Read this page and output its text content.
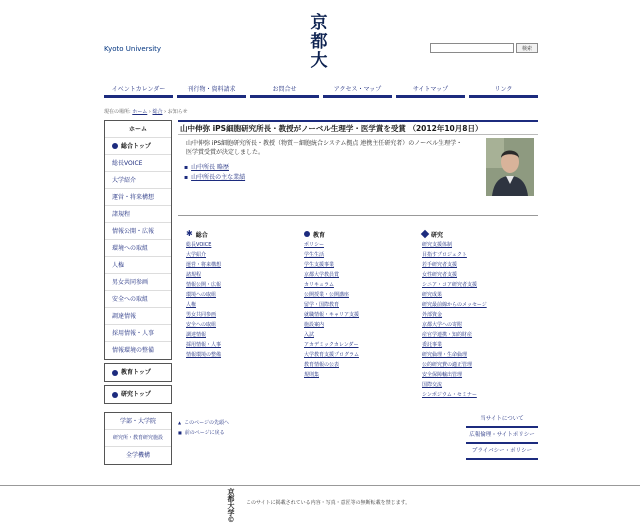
Kyoto University
京
都
大
検索
イベントカレンダー	刊行物・資料請求	お問合せ	アクセス・マップ	サイトマップ	リンク
現在の場所: ホーム › 総合 › お知らせ
ホーム
総合トップ
総長VOICE
大学紹介
運営・将来構想
諸規程
情報公開・広報
環境への取組
人権
男女共同参画
安全への取組
調達情報
採用情報・人事
情報環境の整備
教育トップ
研究トップ
学部・大学院
研究所・教育研究施設
全学機構
山中伸弥 iPS細胞研究所長・教授がノーベル生理学・医学賞を受賞 （2012年10月8日）
山中伸弥 iPS細胞研究所長・教授（物質－細胞統合システム拠点 連携主任研究者）のノーベル生理学・医学賞受賞が決定しました。
▪ 山中所長 略歴
▪ 山中所長の主な業績
✱ 総合
総長VOICE
大学紹介
運営・将来構想
諸規程
情報公開・広報
環境への取組
人権
男女共同参画
安全への取組
調達情報
採用情報・人事
情報環境の整備
教育
ポリシー
学生生活
学生支援事業
京都大学教員賞
カリキュラム
公開授業・公開講座
留学・国際教育
就職情報・キャリア支援
施設案内
入試
アカデミックカレンダー
大学教育支援プログラム
教育情報の公表
規則集
研究
研究支援体制
目指すプロジェクト
若手研究者支援
女性研究者支援
シニア・コア研究者支援
研究成果
研究最前線からのメッセージ
外部資金
京都大学への寄附
産官学連携・知的財産
委託事業
研究倫理・生命倫理
公的研究費の適正管理
安全保障輸出管理
国際交流
シンポジウム・セミナー
▲ このページの先頭へ
■ 前のページに戻る
当サイトについて
広報倫理・サイトポリシー
プライバシー・ポリシー
京
都
大
学
©
このサイトに掲載されている内容・写真・意匠等の無断転載を禁じます。
